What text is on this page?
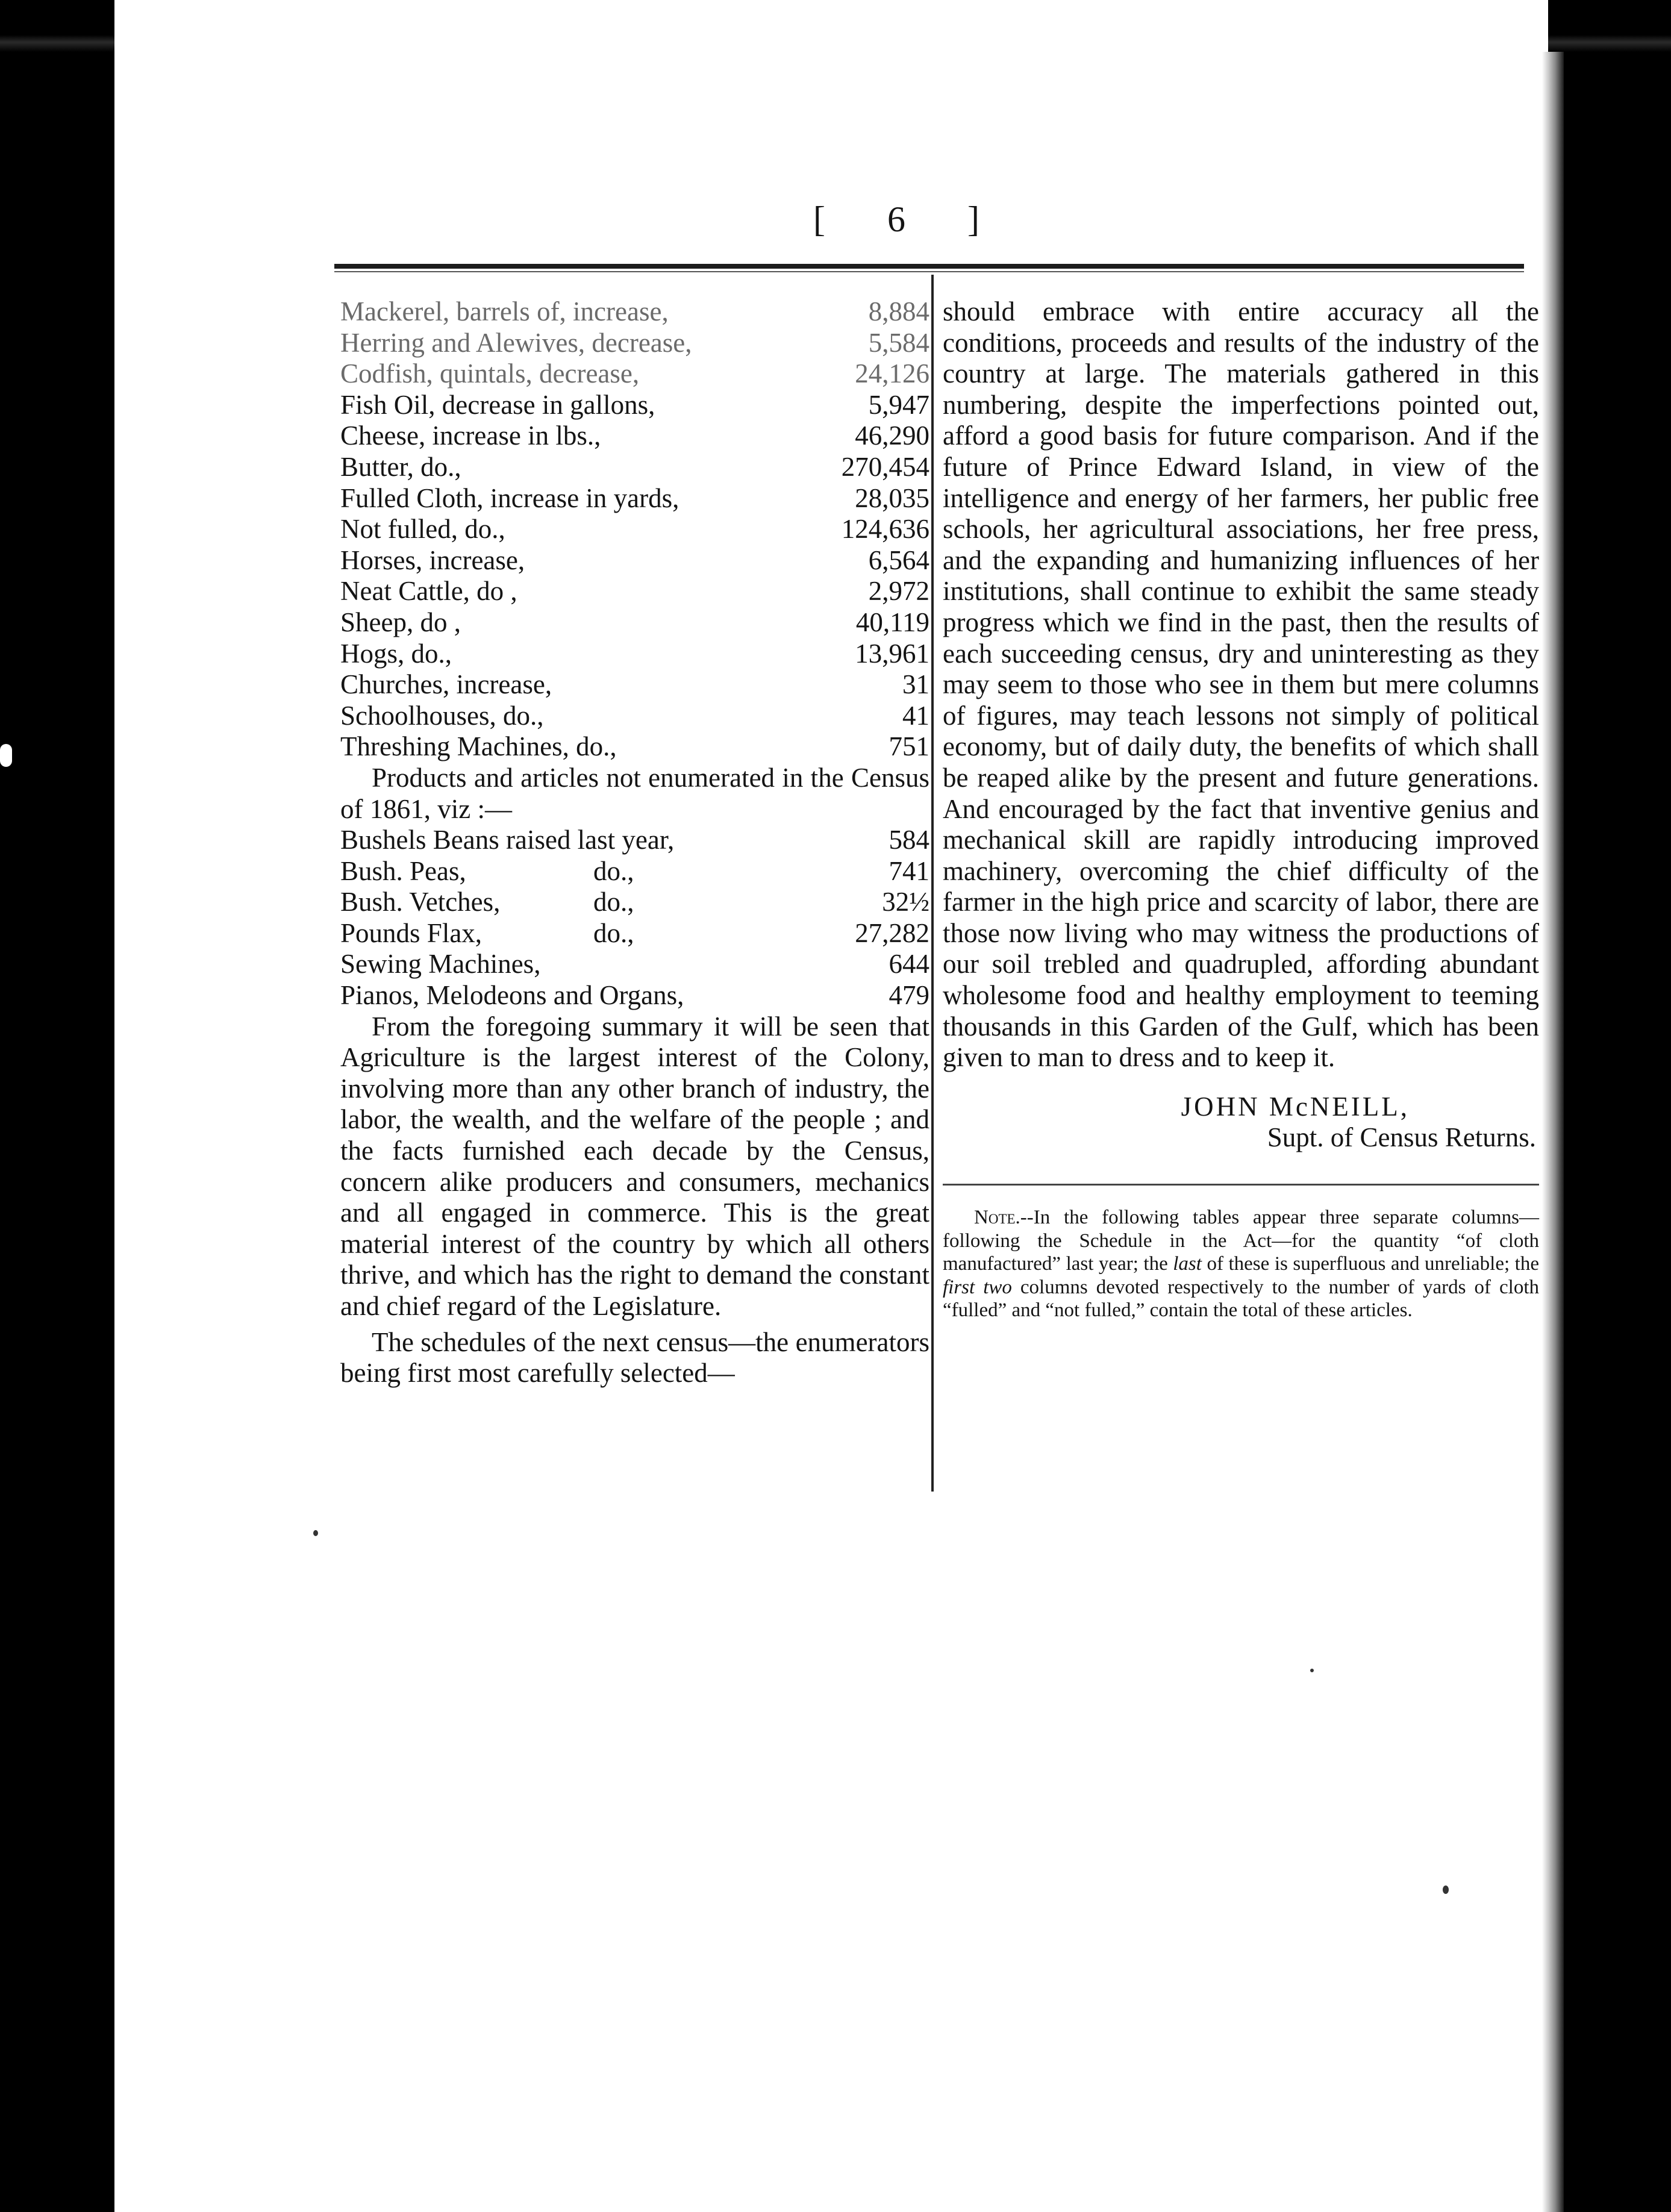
[ 6 ]
Mackerel, barrels of, increase,	8,884
Herring and Alewives, decrease,	5,584
Codfish, quintals, decrease,	24,126
Fish Oil, decrease in gallons,	5,947
Cheese, increase in lbs.,	46,290
Butter, do.,	270,454
Fulled Cloth, increase in yards,	28,035
Not fulled, do.,	124,636
Horses, increase,	6,564
Neat Cattle, do ,	2,972
Sheep, do ,	40,119
Hogs, do.,	13,961
Churches, increase,	31
Schoolhouses, do.,	41
Threshing Machines, do.,	751

Products and articles not enumerated in the Census of 1861, viz :—

Bushels Beans raised last year,	584
Bush. Peas,	do.,	741
Bush. Vetches,	do.,	32½
Pounds Flax,	do.,	27,282
Sewing Machines,	644
Pianos, Melodeons and Organs,	479

From the foregoing summary it will be seen that Agriculture is the largest interest of the Colony, involving more than any other branch of industry, the labor, the wealth, and the welfare of the people ; and the facts furnished each decade by the Census, concern alike producers and consumers, mechanics and all engaged in commerce. This is the great material interest of the country by which all others thrive, and which has the right to demand the constant and chief regard of the Legislature.

The schedules of the next census—the enumerators being first most carefully selected—

should embrace with entire accuracy all the conditions, proceeds and results of the industry of the country at large. The materials gathered in this numbering, despite the imperfections pointed out, afford a good basis for future comparison. And if the future of Prince Edward Island, in view of the intelligence and energy of her farmers, her public free schools, her agricultural associations, her free press, and the expanding and humanizing influences of her institutions, shall continue to exhibit the same steady progress which we find in the past, then the results of each succeeding census, dry and uninteresting as they may seem to those who see in them but mere columns of figures, may teach lessons not simply of political economy, but of daily duty, the benefits of which shall be reaped alike by the present and future generations. And encouraged by the fact that inventive genius and mechanical skill are rapidly introducing improved machinery, overcoming the chief difficulty of the farmer in the high price and scarcity of labor, there are those now living who may witness the productions of our soil trebled and quadrupled, affording abundant wholesome food and healthy employment to teeming thousands in this Garden of the Gulf, which has been given to man to dress and to keep it.

JOHN McNEILL,
Supt. of Census Returns.

Note.--In the following tables appear three separate columns—following the Schedule in the Act—for the quantity “of cloth manufactured” last year; the last of these is superfluous and unreliable; the first two columns devoted respectively to the number of yards of cloth “fulled” and “not fulled,” contain the total of these articles.
